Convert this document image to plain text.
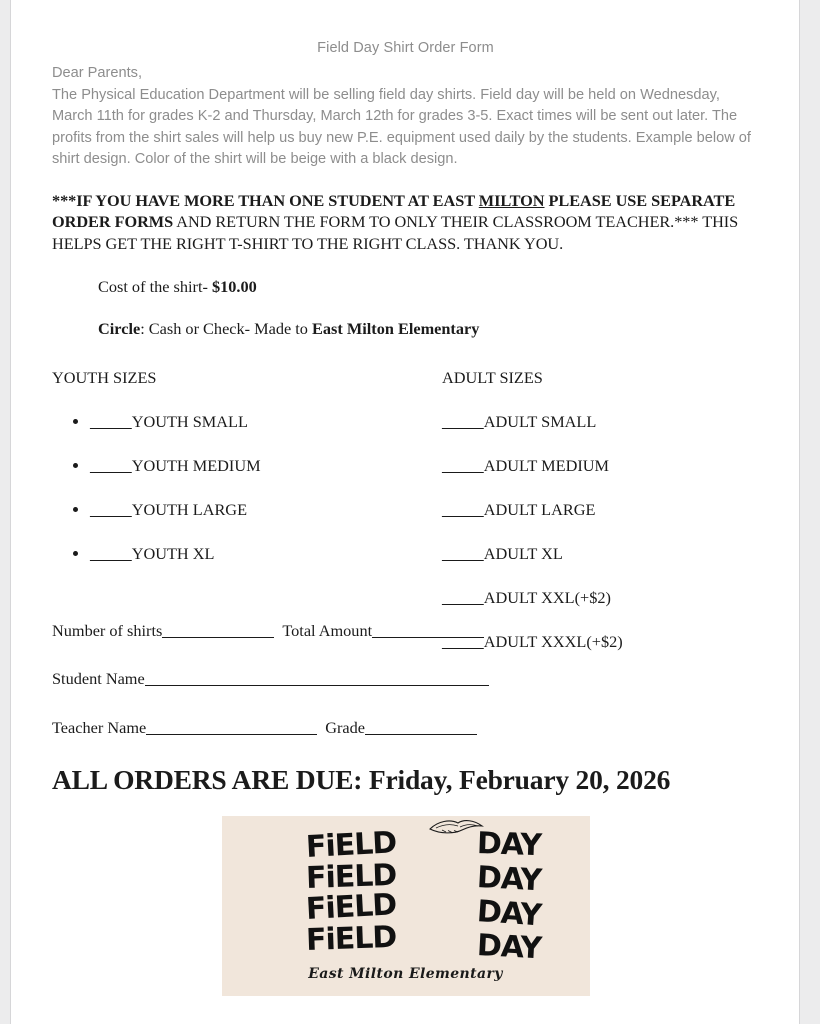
Field Day Shirt Order Form
Dear Parents,
The Physical Education Department will be selling field day shirts. Field day will be held on Wednesday, March 11th for grades K-2 and Thursday, March 12th for grades 3-5. Exact times will be sent out later. The profits from the shirt sales will help us buy new P.E. equipment used daily by the students. Example below of shirt design. Color of the shirt will be beige with a black design.

***IF YOU HAVE MORE THAN ONE STUDENT AT EAST MILTON PLEASE USE SEPARATE ORDER FORMS AND RETURN THE FORM TO ONLY THEIR CLASSROOM TEACHER.*** THIS HELPS GET THE RIGHT T-SHIRT TO THE RIGHT CLASS. THANK YOU.

Cost of the shirt- $10.00
Circle: Cash or Check- Made to East Milton Elementary
YOUTH SIZES
• _____YOUTH SMALL
• _____YOUTH MEDIUM
• _____YOUTH LARGE
• _____YOUTH XL
ADULT SIZES
_____ADULT SMALL
_____ADULT MEDIUM
_____ADULT LARGE
_____ADULT XL
_____ADULT XXL(+$2)
_____ADULT XXXL(+$2)
Number of shirts	Total Amount
Student Name
Teacher Name	Grade
ALL ORDERS ARE DUE: Friday, February 20, 2026
FiELD	DAY
FiELD	DAY
FiELD	DAY
FiELD	DAY
East Milton Elementary
